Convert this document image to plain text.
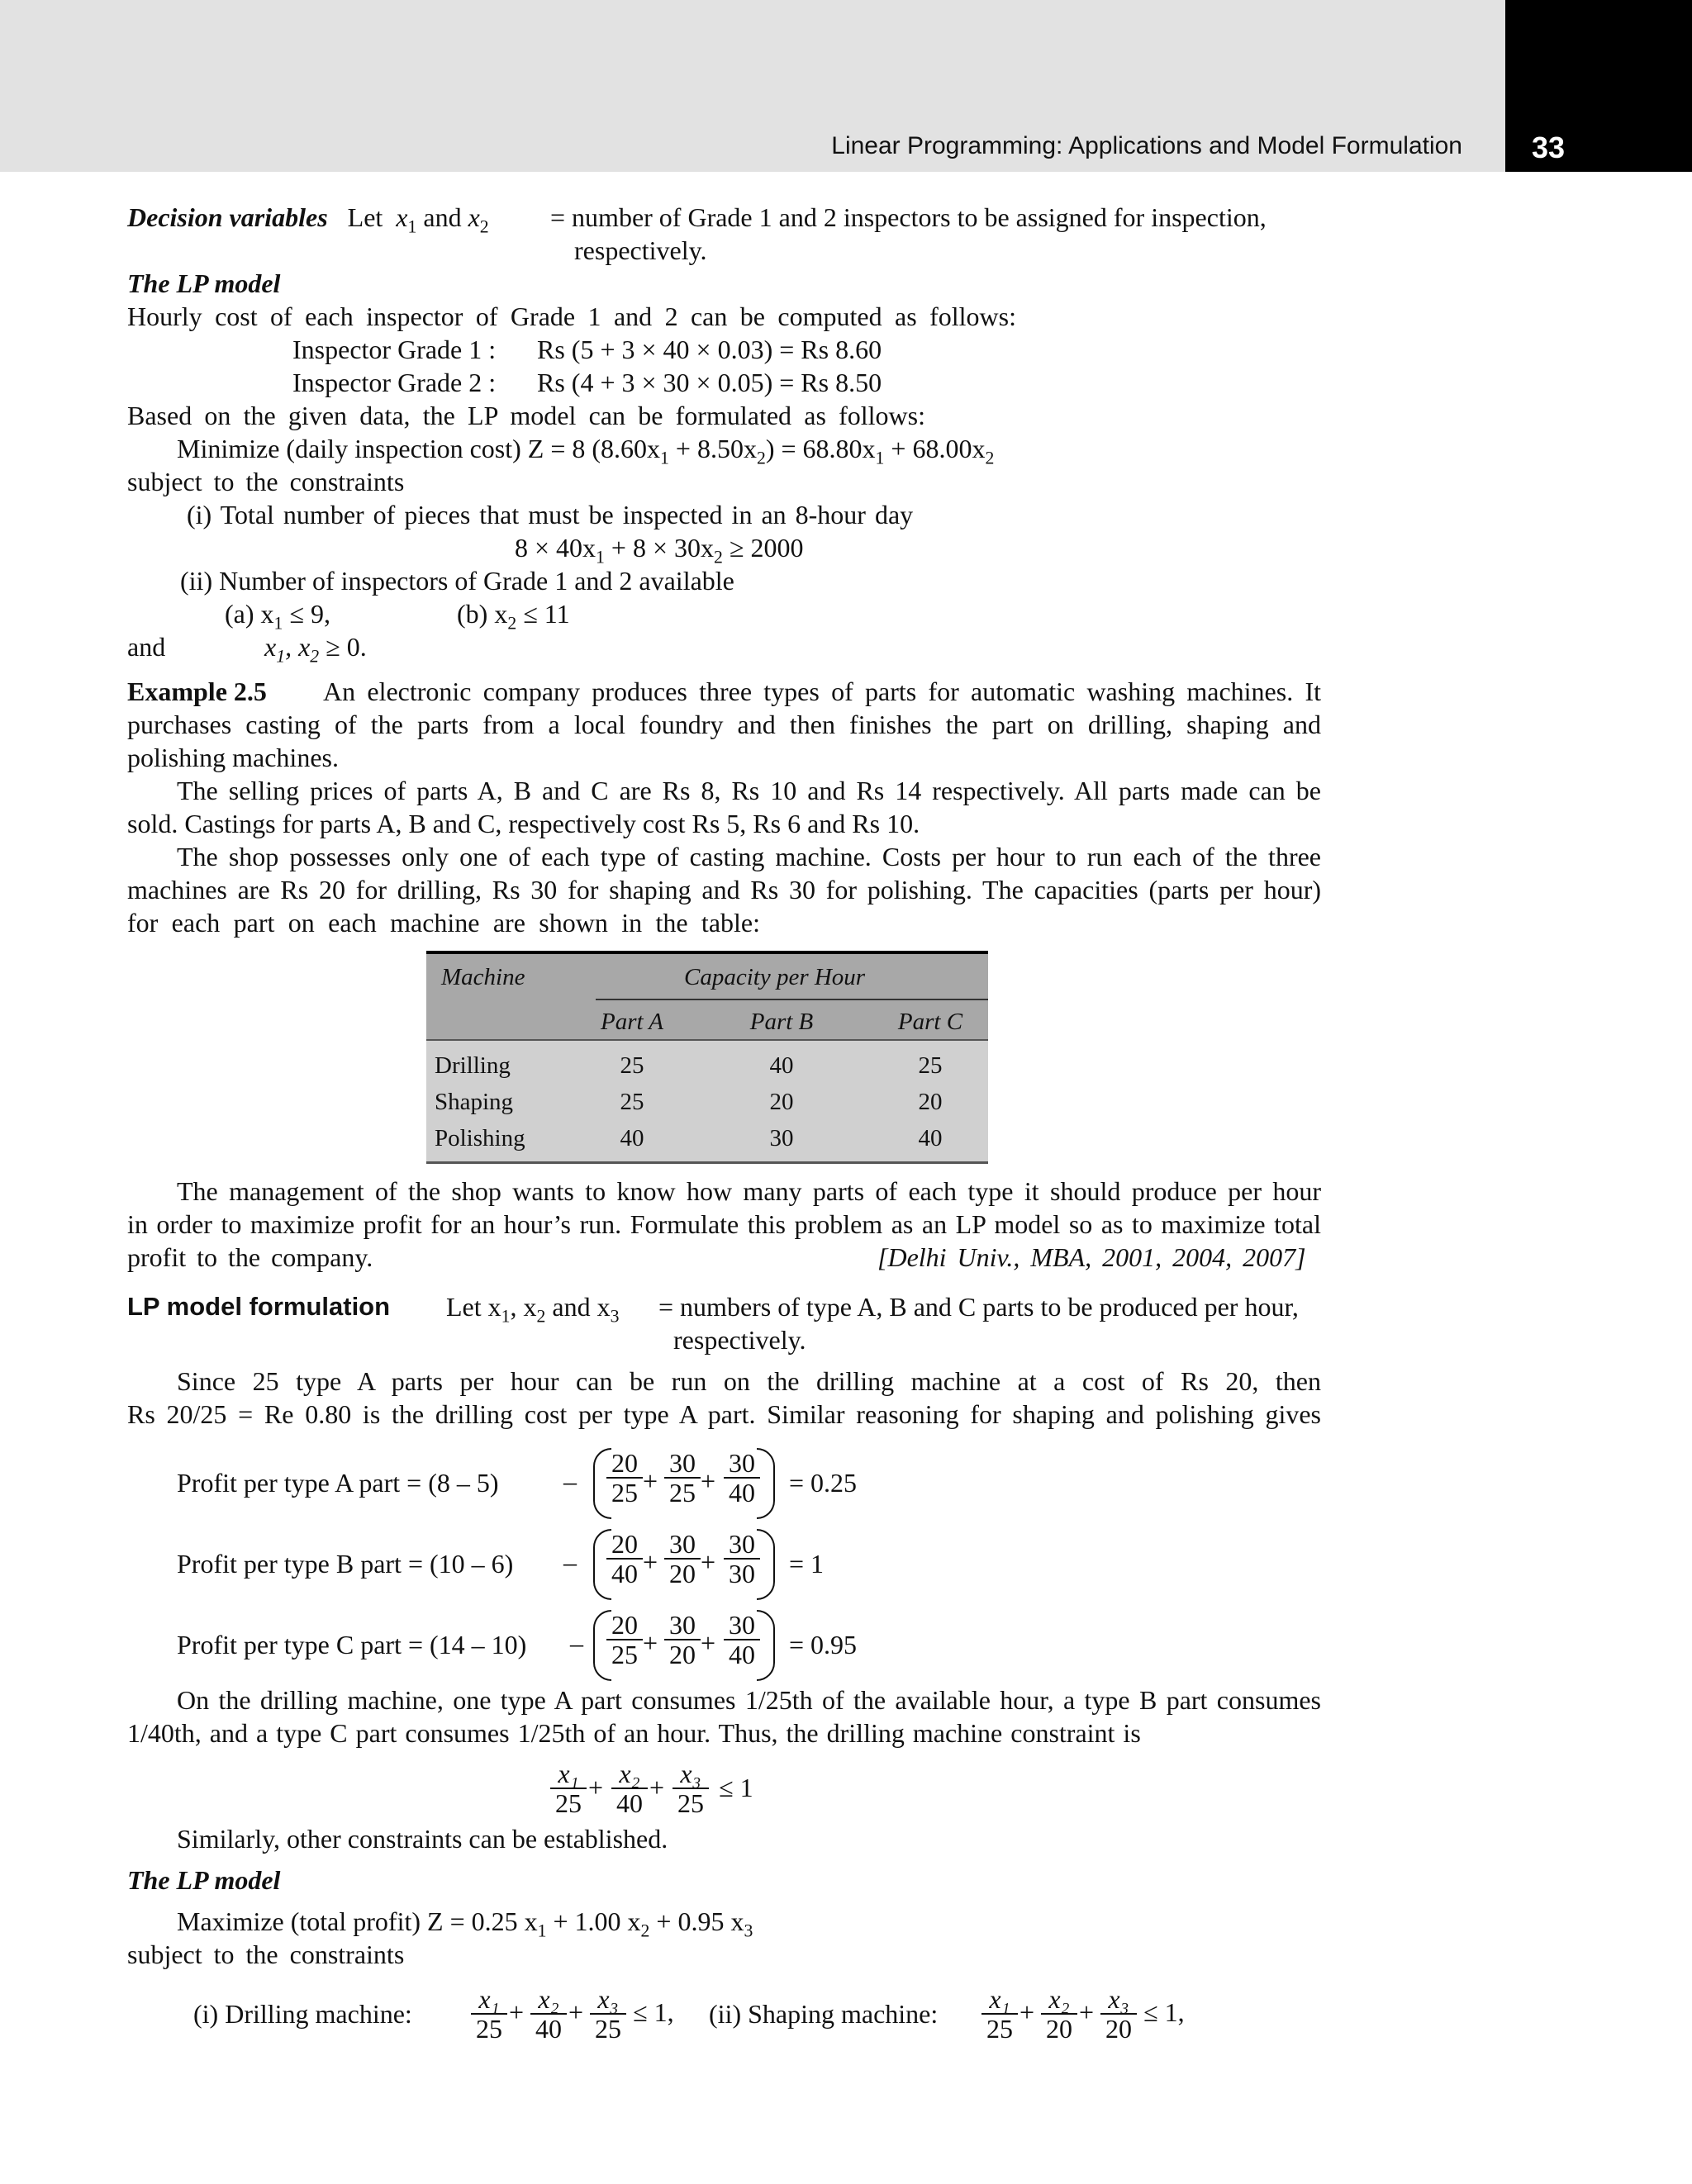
Linear Programming: Applications and Model Formulation 33
Decision variables Let $x_1$ and $x_2$ = number of Grade 1 and 2 inspectors to be assigned for inspection,
respectively.
The LP model
Hourly cost of each inspector of Grade 1 and 2 can be computed as follows:
Inspector Grade 1 : Rs (5 + 3 × 40 × 0.03) = Rs 8.60
Inspector Grade 2 : Rs (4 + 3 × 30 × 0.05) = Rs 8.50
Based on the given data, the LP model can be formulated as follows:
Minimize (daily inspection cost) Z = 8 $(8.60x_1 + 8.50x_2) = 68.80x_1 + 68.00x_2$
subject to the constraints
(i) Total number of pieces that must be inspected in an 8-hour day
$8 \times 40x_1 + 8 \times 30x_2 \ge 2000$
(ii) Number of inspectors of Grade 1 and 2 available
(a) $x_1 \le 9$,	(b) $x_2 \le 11$
and	$x_1$, $x_2 \ge 0$.
Example 2.5 An electronic company produces three types of parts for automatic washing machines. It
purchases casting of the parts from a local foundry and then finishes the part on drilling, shaping and
polishing machines.
The selling prices of parts A, B and C are Rs 8, Rs 10 and Rs 14 respectively. All parts made can be
sold. Castings for parts A, B and C, respectively cost Rs 5, Rs 6 and Rs 10.
The shop possesses only one of each type of casting machine. Costs per hour to run each of the three
machines are Rs 20 for drilling, Rs 30 for shaping and Rs 30 for polishing. The capacities (parts per hour)
for each part on each machine are shown in the table:
Machine	Capacity per Hour
Part A	Part B	Part C
Drilling	25	40	25
Shaping	25	20	20
Polishing	40	30	40
The management of the shop wants to know how many parts of each type it should produce per hour
in order to maximize profit for an hour’s run. Formulate this problem as an LP model so as to maximize total
profit to the company.	[Delhi Univ., MBA, 2001, 2004, 2007]
LP model formulation Let $x_1$, $x_2$ and $x_3$ = numbers of type A, B and C parts to be produced per hour,
respectively.
Since 25 type A parts per hour can be run on the drilling machine at a cost of Rs 20, then
Rs 20/25 = Re 0.80 is the drilling cost per type A part. Similar reasoning for shaping and polishing gives
Profit per type A part = $(8 - 5) - \frac{20}{25} + \frac{30}{25} + \frac{30}{40} = 0.25$
Profit per type B part = $(10 - 6) - \frac{20}{40} + \frac{30}{20} + \frac{30}{30} = 1$
Profit per type C part = $(14 - 10) - \frac{20}{25} + \frac{30}{20} + \frac{30}{40} = 0.95$
On the drilling machine, one type A part consumes 1/25th of the available hour, a type B part consumes
1/40th, and a type C part consumes 1/25th of an hour. Thus, the drilling machine constraint is
$\frac{\text{x₁}}{25} + \frac{\text{x₂}}{40} + \frac{\text{x₃}}{25} \le 1$
Similarly, other constraints can be established.
The LP model
Maximize (total profit) Z = 0.25 $x_1 + 1.00$ $x_2 + 0.95$ $x_3$
subject to the constraints
(i) Drilling machine: $\frac{\text{x₁}}{25} + \frac{\text{x₂}}{40} + \frac{\text{x₃}}{25} \le 1$, (ii) Shaping machine: $\frac{\text{x₁}}{25} + \frac{\text{x₂}}{20} + \frac{\text{x₃}}{20} \le 1$,
